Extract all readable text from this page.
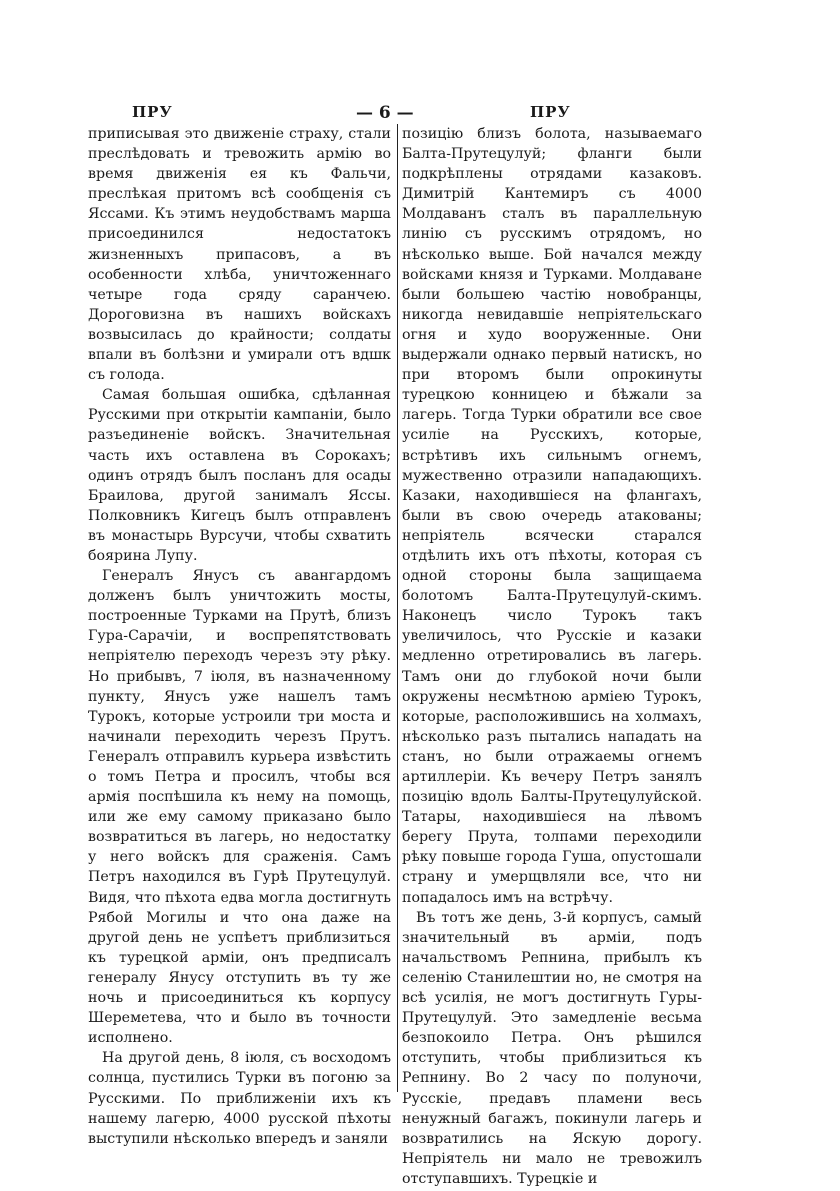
ПРУ	— 6 —	ПРУ

приписывая это движеніе страху, стали преслѣдовать и тревожить армію во время движенія ея къ Фальчи, преслѣкая притомъ всѣ сообщенія съ Яссами. Къ этимъ неудобствамъ марша присоединился недостатокъ жизненныхъ припасовъ, а въ особенности хлѣба, уничтоженнаго четыре года сряду саранчею. Дороговизна въ нашихъ войскахъ возвысилась до крайности; солдаты впали въ болѣзни и умирали отъ вдшк съ голода.

Самая большая ошибка, сдѣланная Русскими при открытіи кампаніи, было разъединеніе войскъ. Значительная часть ихъ оставлена въ Сорокахъ; одинъ отрядъ былъ посланъ для осады Браилова, другой занималъ Яссы. Полковникъ Кигецъ былъ отправленъ въ монастырь Вурсучи, чтобы схватить боярина Лупу.

Генералъ Янусъ съ авангардомъ долженъ былъ уничтожить мосты, построенные Турками на Прутѣ, близъ Гура-Сарачіи, и воспрепятствовать непріятелю переходъ черезъ эту рѣку. Но прибывъ, 7 іюля, въ назначенному пункту, Янусъ уже нашелъ тамъ Турокъ, которые устроили три моста и начинали переходить черезъ Прутъ. Генералъ отправилъ курьера извѣстить о томъ Петра и просилъ, чтобы вся армія поспѣшила къ нему на помощь, или же ему самому приказано было возвратиться въ лагерь, но недостатку у него войскъ для сраженія. Самъ Петръ находился въ Гурѣ Прутецулуй. Видя, что пѣхота едва могла достигнуть Рябой Могилы и что она даже на другой день не успѣетъ приблизиться къ турецкой арміи, онъ предписалъ генералу Янусу отступить въ ту же ночь и присоединиться къ корпусу Шереметева, что и было въ точности исполнено.

На другой день, 8 іюля, съ восходомъ солнца, пустились Турки въ погоню за Русскими. По приближеніи ихъ къ нашему лагерю, 4000 русской пѣхоты выступили нѣсколько впередъ и заняли

позицію близъ болота, называемаго Балта-Прутецулуй; фланги были подкрѣплены отрядами казаковъ. Димитрій Кантемиръ съ 4000 Молдаванъ сталъ въ параллельную линію съ русскимъ отрядомъ, но нѣсколько выше. Бой начался между войсками князя и Турками. Молдаване были большею частію новобранцы, никогда невидавшіе непріятельскаго огня и худо вооруженные. Они выдержали однако первый натискъ, но при второмъ были опрокинуты турецкою конницею и бѣжали за лагерь. Тогда Турки обратили все свое усиліе на Русскихъ, которые, встрѣтивъ ихъ сильнымъ огнемъ, мужественно отразили нападающихъ. Казаки, находившіеся на флангахъ, были въ свою очередь атакованы; непріятель всячески старался отдѣлить ихъ отъ пѣхоты, которая съ одной стороны была защищаема болотомъ Балта-Прутецулуй-скимъ. Наконецъ число Турокъ такъ увеличилось, что Русскіе и казаки медленно отретировались въ лагерь. Тамъ они до глубокой ночи были окружены несмѣтною арміею Турокъ, которые, расположившись на холмахъ, нѣсколько разъ пытались нападать на станъ, но были отражаемы огнемъ артиллеріи. Къ вечеру Петръ занялъ позицію вдоль Балты-Прутецулуйской. Татары, находившіеся на лѣвомъ берегу Прута, толпами переходили рѣку повыше города Гуша, опустошали страну и умерщвляли все, что ни попадалось имъ на встрѣчу.

Въ тотъ же день, 3-й корпусъ, самый значительный въ арміи, подъ начальствомъ Репнина, прибылъ къ селенію Станилештии но, не смотря на всѣ усилія, не могъ достигнуть Гуры-Прутецулуй. Это замедленіе весьма безпокоило Петра. Онъ рѣшился отступить, чтобы приблизиться къ Репнину. Во 2 часу по полуночи, Русскіе, предавъ пламени весь ненужный багажъ, покинули лагерь и возвратились на Яскую дорогу. Непріятель ни мало не тревожилъ отступавшихъ. Турецкіе и
